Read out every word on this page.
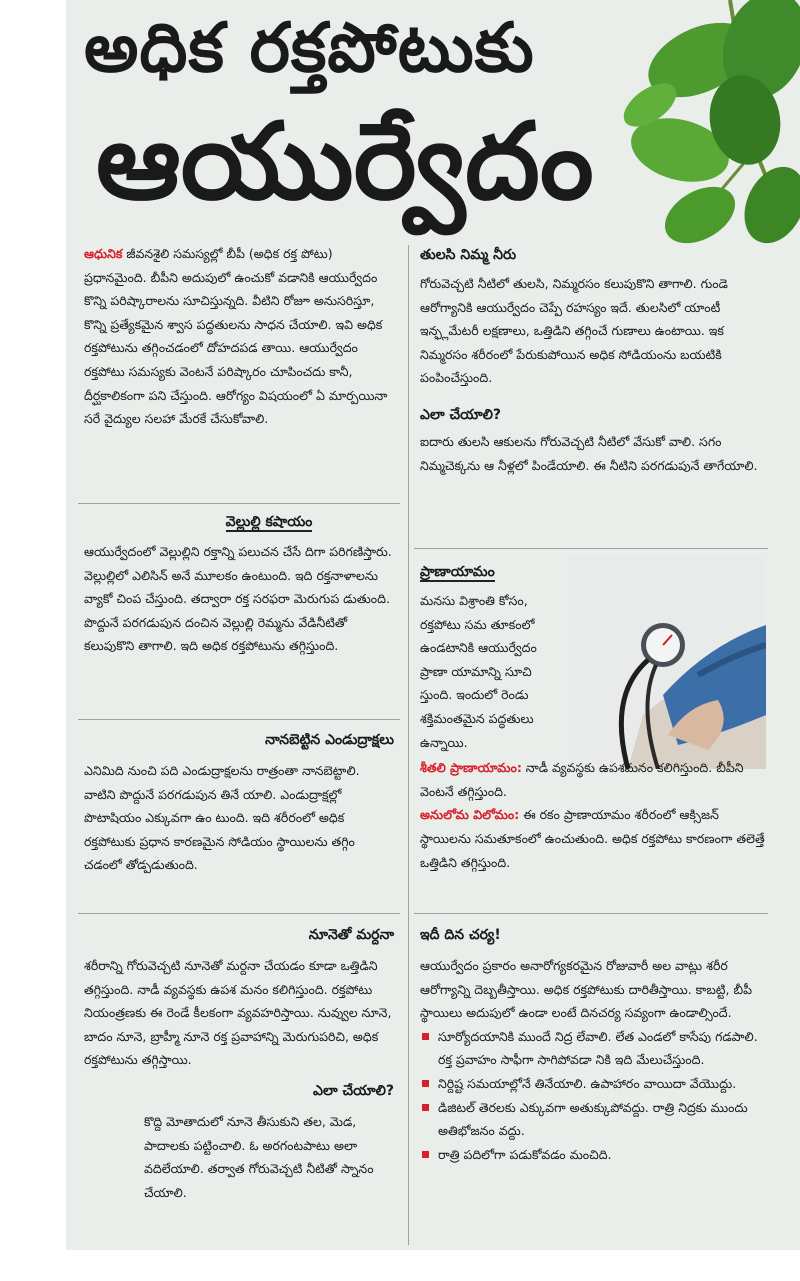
అధిక రక్తపోటుకు
ఆయుర్వేదం

ఆధునిక జీవనశైలి సమస్యల్లో బీపీ (అధిక రక్త పోటు) ప్రధానమైంది. బీపీని అదుపులో ఉంచుకో వడానికి ఆయుర్వేదం కొన్ని పరిష్కారాలను సూచిస్తున్నది. వీటిని రోజూ అనుసరిస్తూ, కొన్ని ప్రత్యేకమైన శ్వాస పద్ధతులను సాధన చేయాలి. ఇవి అధిక రక్తపోటును తగ్గించడంలో దోహదపడ తాయి. ఆయుర్వేదం రక్తపోటు సమస్యకు వెంటనే పరిష్కారం చూపించదు కానీ, దీర్ఘకాలికంగా పని చేస్తుంది. ఆరోగ్యం విషయంలో ఏ మార్పయినా సరే వైద్యుల సలహా మేరకే చేసుకోవాలి.

వెల్లుల్లి కషాయం
ఆయుర్వేదంలో వెల్లుల్లిని రక్తాన్ని పలుచన చేసే దిగా పరిగణిస్తారు. వెల్లుల్లిలో ఎలిసిన్ అనే మూలకం ఉంటుంది. ఇది రక్తనాళాలను వ్యాకో చింప చేస్తుంది. తద్వారా రక్త సరఫరా మెరుగుప డుతుంది. పొద్దునే పరగడుపున దంచిన వెల్లుల్లి రెమ్మను వేడినీటితో కలుపుకొని తాగాలి. ఇది అధిక రక్తపోటును తగ్గిస్తుంది.
నానబెట్టిన ఎండుద్రాక్షలు
ఎనిమిది నుంచి పది ఎండుద్రాక్షలను రాత్రంతా నానబెట్టాలి. వాటిని పొద్దునే పరగడుపున తినే యాలి. ఎండుద్రాక్షల్లో పొటాషియం ఎక్కువగా ఉం టుంది. ఇది శరీరంలో అధిక రక్తపోటుకు ప్రధాన కారణమైన సోడియం స్థాయిలను తగ్గిం చడంలో తోడ్పడుతుంది.
నూనెతో మర్దనా
శరీరాన్ని గోరువెచ్చటి నూనెతో మర్దనా చేయడం కూడా ఒత్తిడిని తగ్గిస్తుంది. నాడీ వ్యవస్థకు ఉపశ మనం కలిగిస్తుంది. రక్తపోటు నియంత్రణకు ఈ రెండే కీలకంగా వ్యవహరిస్తాయి. నువ్వుల నూనె, బాదం నూనె, బ్రాహ్మీ నూనె రక్త ప్రవాహాన్ని మెరుగుపరిచి, అధిక రక్తపోటును తగ్గిస్తాయి.
ఎలా చేయాలి?
కొద్ది మోతాదులో నూనె తీసుకుని తల, మెడ, పాదాలకు పట్టించాలి. ఓ అరగంటపాటు అలా వదిలేయాలి. తర్వాత గోరువెచ్చటి నీటితో స్నానం చేయాలి.
తులసి నిమ్మ నీరు
గోరువెచ్చటి నీటిలో తులసి, నిమ్మరసం కలుపుకొని తాగాలి. గుండె ఆరోగ్యానికి ఆయుర్వేదం చెప్పే రహస్యం ఇదే. తులసిలో యాంటీ ఇన్ఫ్లమేటరీ లక్షణాలు, ఒత్తిడిని తగ్గించే గుణాలు ఉంటాయి. ఇక నిమ్మరసం శరీరంలో పేరుకుపోయిన అధిక సోడియంను బయటికి పంపించేస్తుంది.
ఎలా చేయాలి?
ఐదారు తులసి ఆకులను గోరువెచ్చటి నీటిలో వేసుకో వాలి. సగం నిమ్మచెక్కను ఆ నీళ్లలో పిండేయాలి. ఈ నీటిని పరగడుపునే తాగేయాలి.
ప్రాణాయామం
మనసు విశ్రాంతి కోసం, రక్తపోటు సమ తూకంలో ఉండటానికి ఆయుర్వేదం ప్రాణా యామాన్ని సూచి స్తుంది. ఇందులో రెండు శక్తిమంతమైన పద్ధతులు ఉన్నాయి.
శీతలి ప్రాణాయామం: నాడీ వ్యవస్థకు ఉపశమనం కలిగిస్తుంది. బీపీని వెంటనే తగ్గిస్తుంది.
అనులోమ విలోమం: ఈ రకం ప్రాణాయామం శరీరంలో ఆక్సిజన్ స్థాయిలను సమతూకంలో ఉంచుతుంది. అధిక రక్తపోటు కారణంగా తలెత్తే ఒత్తిడిని తగ్గిస్తుంది.
ఇదీ దిన చర్య!
ఆయుర్వేదం ప్రకారం అనారోగ్యకరమైన రోజువారీ అల వాట్లు శరీర ఆరోగ్యాన్ని దెబ్బతీస్తాయి. అధిక రక్తపోటుకు దారితీస్తాయి. కాబట్టి, బీపీ స్థాయిలు అదుపులో ఉండా లంటే దినచర్య సవ్యంగా ఉండాల్సిందే.
సూర్యోదయానికి ముందే నిద్ర లేవాలి. లేత ఎండలో కాసేపు గడపాలి. రక్త ప్రవాహం సాఫీగా సాగిపోవడా నికి ఇది మేలుచేస్తుంది.
నిర్దిష్ట సమయాల్లోనే తినేయాలి. ఉపాహారం వాయిదా వేయొద్దు.
డిజిటల్ తెరలకు ఎక్కువగా అతుక్కుపోవద్దు. రాత్రి నిద్రకు ముందు అతిభోజనం వద్దు.
రాత్రి పదిలోగా పడుకోవడం మంచిది.
